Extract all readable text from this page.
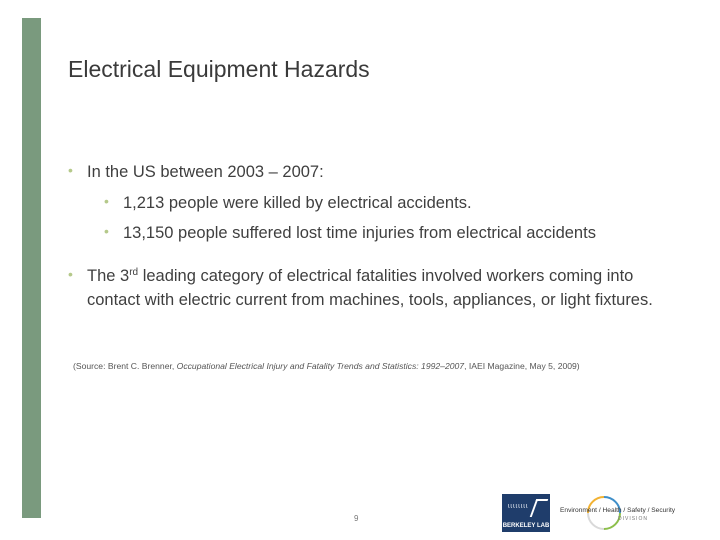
Electrical Equipment Hazards
• In the US between 2003 – 2007:
• 1,213 people were killed by electrical accidents.
• 13,150 people suffered lost time injuries from electrical accidents
• The 3rd leading category of electrical fatalities involved workers coming into contact with electric current from machines, tools, appliances, or light fixtures.
(Source: Brent C. Brenner, Occupational Electrical Injury and Fatality Trends and Statistics: 1992–2007, IAEI Magazine, May 5, 2009)
9
ɩɩɩɩɩɩɩɩ
BERKELEY LAB
Environment / Health / Safety / Security
DIVISION
